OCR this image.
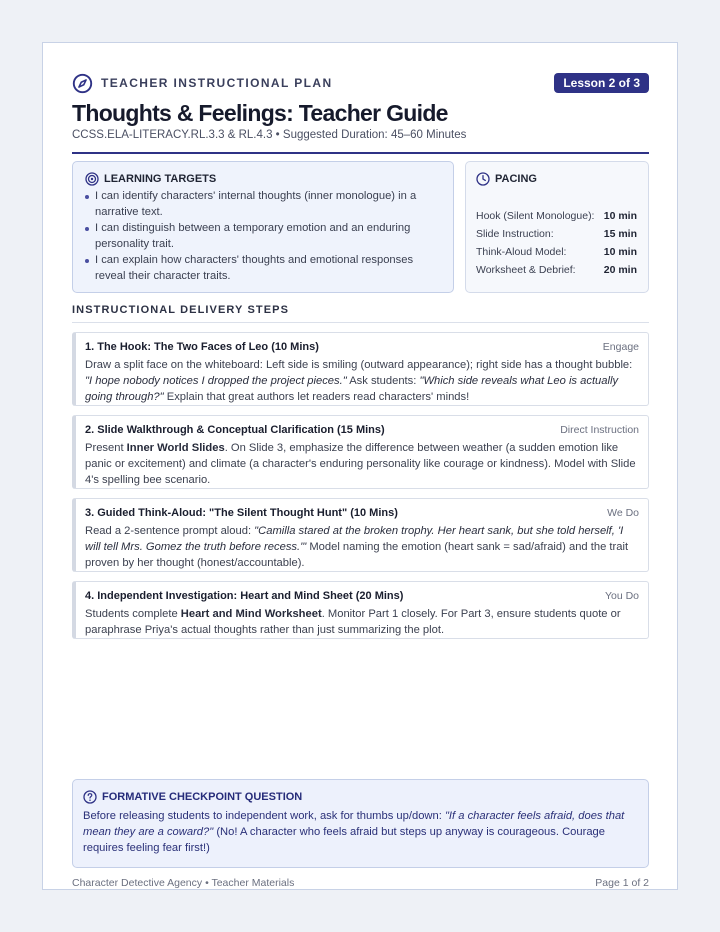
TEACHER INSTRUCTIONAL PLAN	Lesson 2 of 3
Thoughts & Feelings: Teacher Guide
CCSS.ELA-LITERACY.RL.3.3 & RL.4.3 • Suggested Duration: 45–60 Minutes
LEARNING TARGETS
I can identify characters' internal thoughts (inner monologue) in a narrative text.
I can distinguish between a temporary emotion and an enduring personality trait.
I can explain how characters' thoughts and emotional responses reveal their character traits.
PACING
Hook (Silent Monologue): 10 min
Slide Instruction:	15 min
Think-Aloud Model:	10 min
Worksheet & Debrief:	20 min
INSTRUCTIONAL DELIVERY STEPS
1. The Hook: The Two Faces of Leo (10 Mins)	Engage
Draw a split face on the whiteboard: Left side is smiling (outward appearance); right side has a thought bubble: "I hope nobody notices I dropped the project pieces." Ask students: "Which side reveals what Leo is actually going through?" Explain that great authors let readers read characters' minds!
2. Slide Walkthrough & Conceptual Clarification (15 Mins)	Direct Instruction
Present Inner World Slides. On Slide 3, emphasize the difference between weather (a sudden emotion like panic or excitement) and climate (a character's enduring personality like courage or kindness). Model with Slide 4's spelling bee scenario.
3. Guided Think-Aloud: "The Silent Thought Hunt" (10 Mins)	We Do
Read a 2-sentence prompt aloud: "Camilla stared at the broken trophy. Her heart sank, but she told herself, 'I will tell Mrs. Gomez the truth before recess.'" Model naming the emotion (heart sank = sad/afraid) and the trait proven by her thought (honest/accountable).
4. Independent Investigation: Heart and Mind Sheet (20 Mins)	You Do
Students complete Heart and Mind Worksheet. Monitor Part 1 closely. For Part 3, ensure students quote or paraphrase Priya's actual thoughts rather than just summarizing the plot.
FORMATIVE CHECKPOINT QUESTION
Before releasing students to independent work, ask for thumbs up/down: "If a character feels afraid, does that mean they are a coward?" (No! A character who feels afraid but steps up anyway is courageous. Courage requires feeling fear first!)
Character Detective Agency • Teacher Materials	Page 1 of 2
